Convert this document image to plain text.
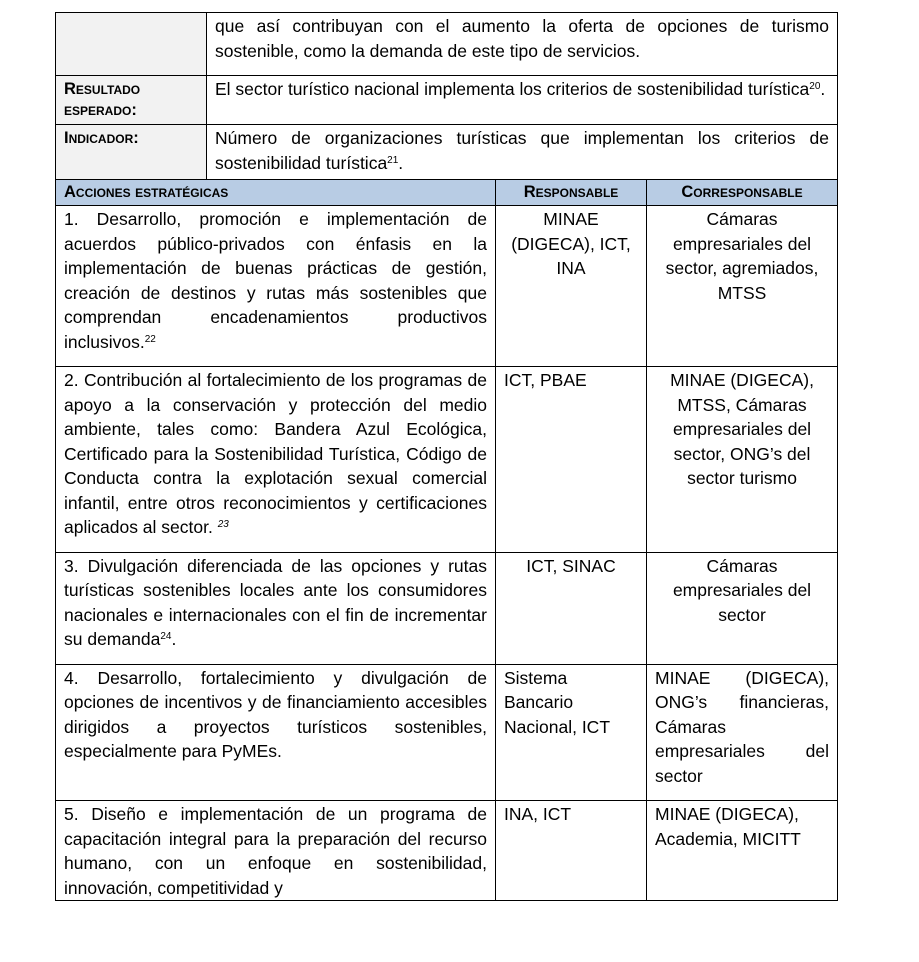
	que así contribuyan con el aumento la oferta de opciones de turismo sostenible, como la demanda de este tipo de servicios.		
Resultado esperado:	El sector turístico nacional implementa los criterios de sostenibilidad turística$^{20}$.		
Indicador:	Número de organizaciones turísticas que implementan los criterios de sostenibilidad turística$^{21}$.		
Acciones estratégicas		Responsable	Corresponsable
1. Desarrollo, promoción e implementación de acuerdos público-privados con énfasis en la implementación de buenas prácticas de gestión, creación de destinos y rutas más sostenibles que comprendan encadenamientos productivos inclusivos.$^{22}$		MINAE (DIGECA), ICT, INA	Cámaras empresariales del sector, agremiados, MTSS
2. Contribución al fortalecimiento de los programas de apoyo a la conservación y protección del medio ambiente, tales como: Bandera Azul Ecológica, Certificado para la Sostenibilidad Turística, Código de Conducta contra la explotación sexual comercial infantil, entre otros reconocimientos y certificaciones aplicados al sector. $^{23}$		ICT, PBAE	MINAE (DIGECA), MTSS, Cámaras empresariales del sector, ONG’s del sector turismo
3. Divulgación diferenciada de las opciones y rutas turísticas sostenibles locales ante los consumidores nacionales e internacionales con el fin de incrementar su demanda$^{24}$.		ICT, SINAC	Cámaras empresariales del sector
4. Desarrollo, fortalecimiento y divulgación de opciones de incentivos y de financiamiento accesibles dirigidos a proyectos turísticos sostenibles, especialmente para PyMEs.		Sistema Bancario Nacional, ICT	MINAE (DIGECA), ONG’s financieras, Cámaras empresariales del sector
5. Diseño e implementación de un programa de capacitación integral para la preparación del recurso humano, con un enfoque en sostenibilidad, innovación, competitividad y		INA, ICT	MINAE (DIGECA), Academia, MICITT
